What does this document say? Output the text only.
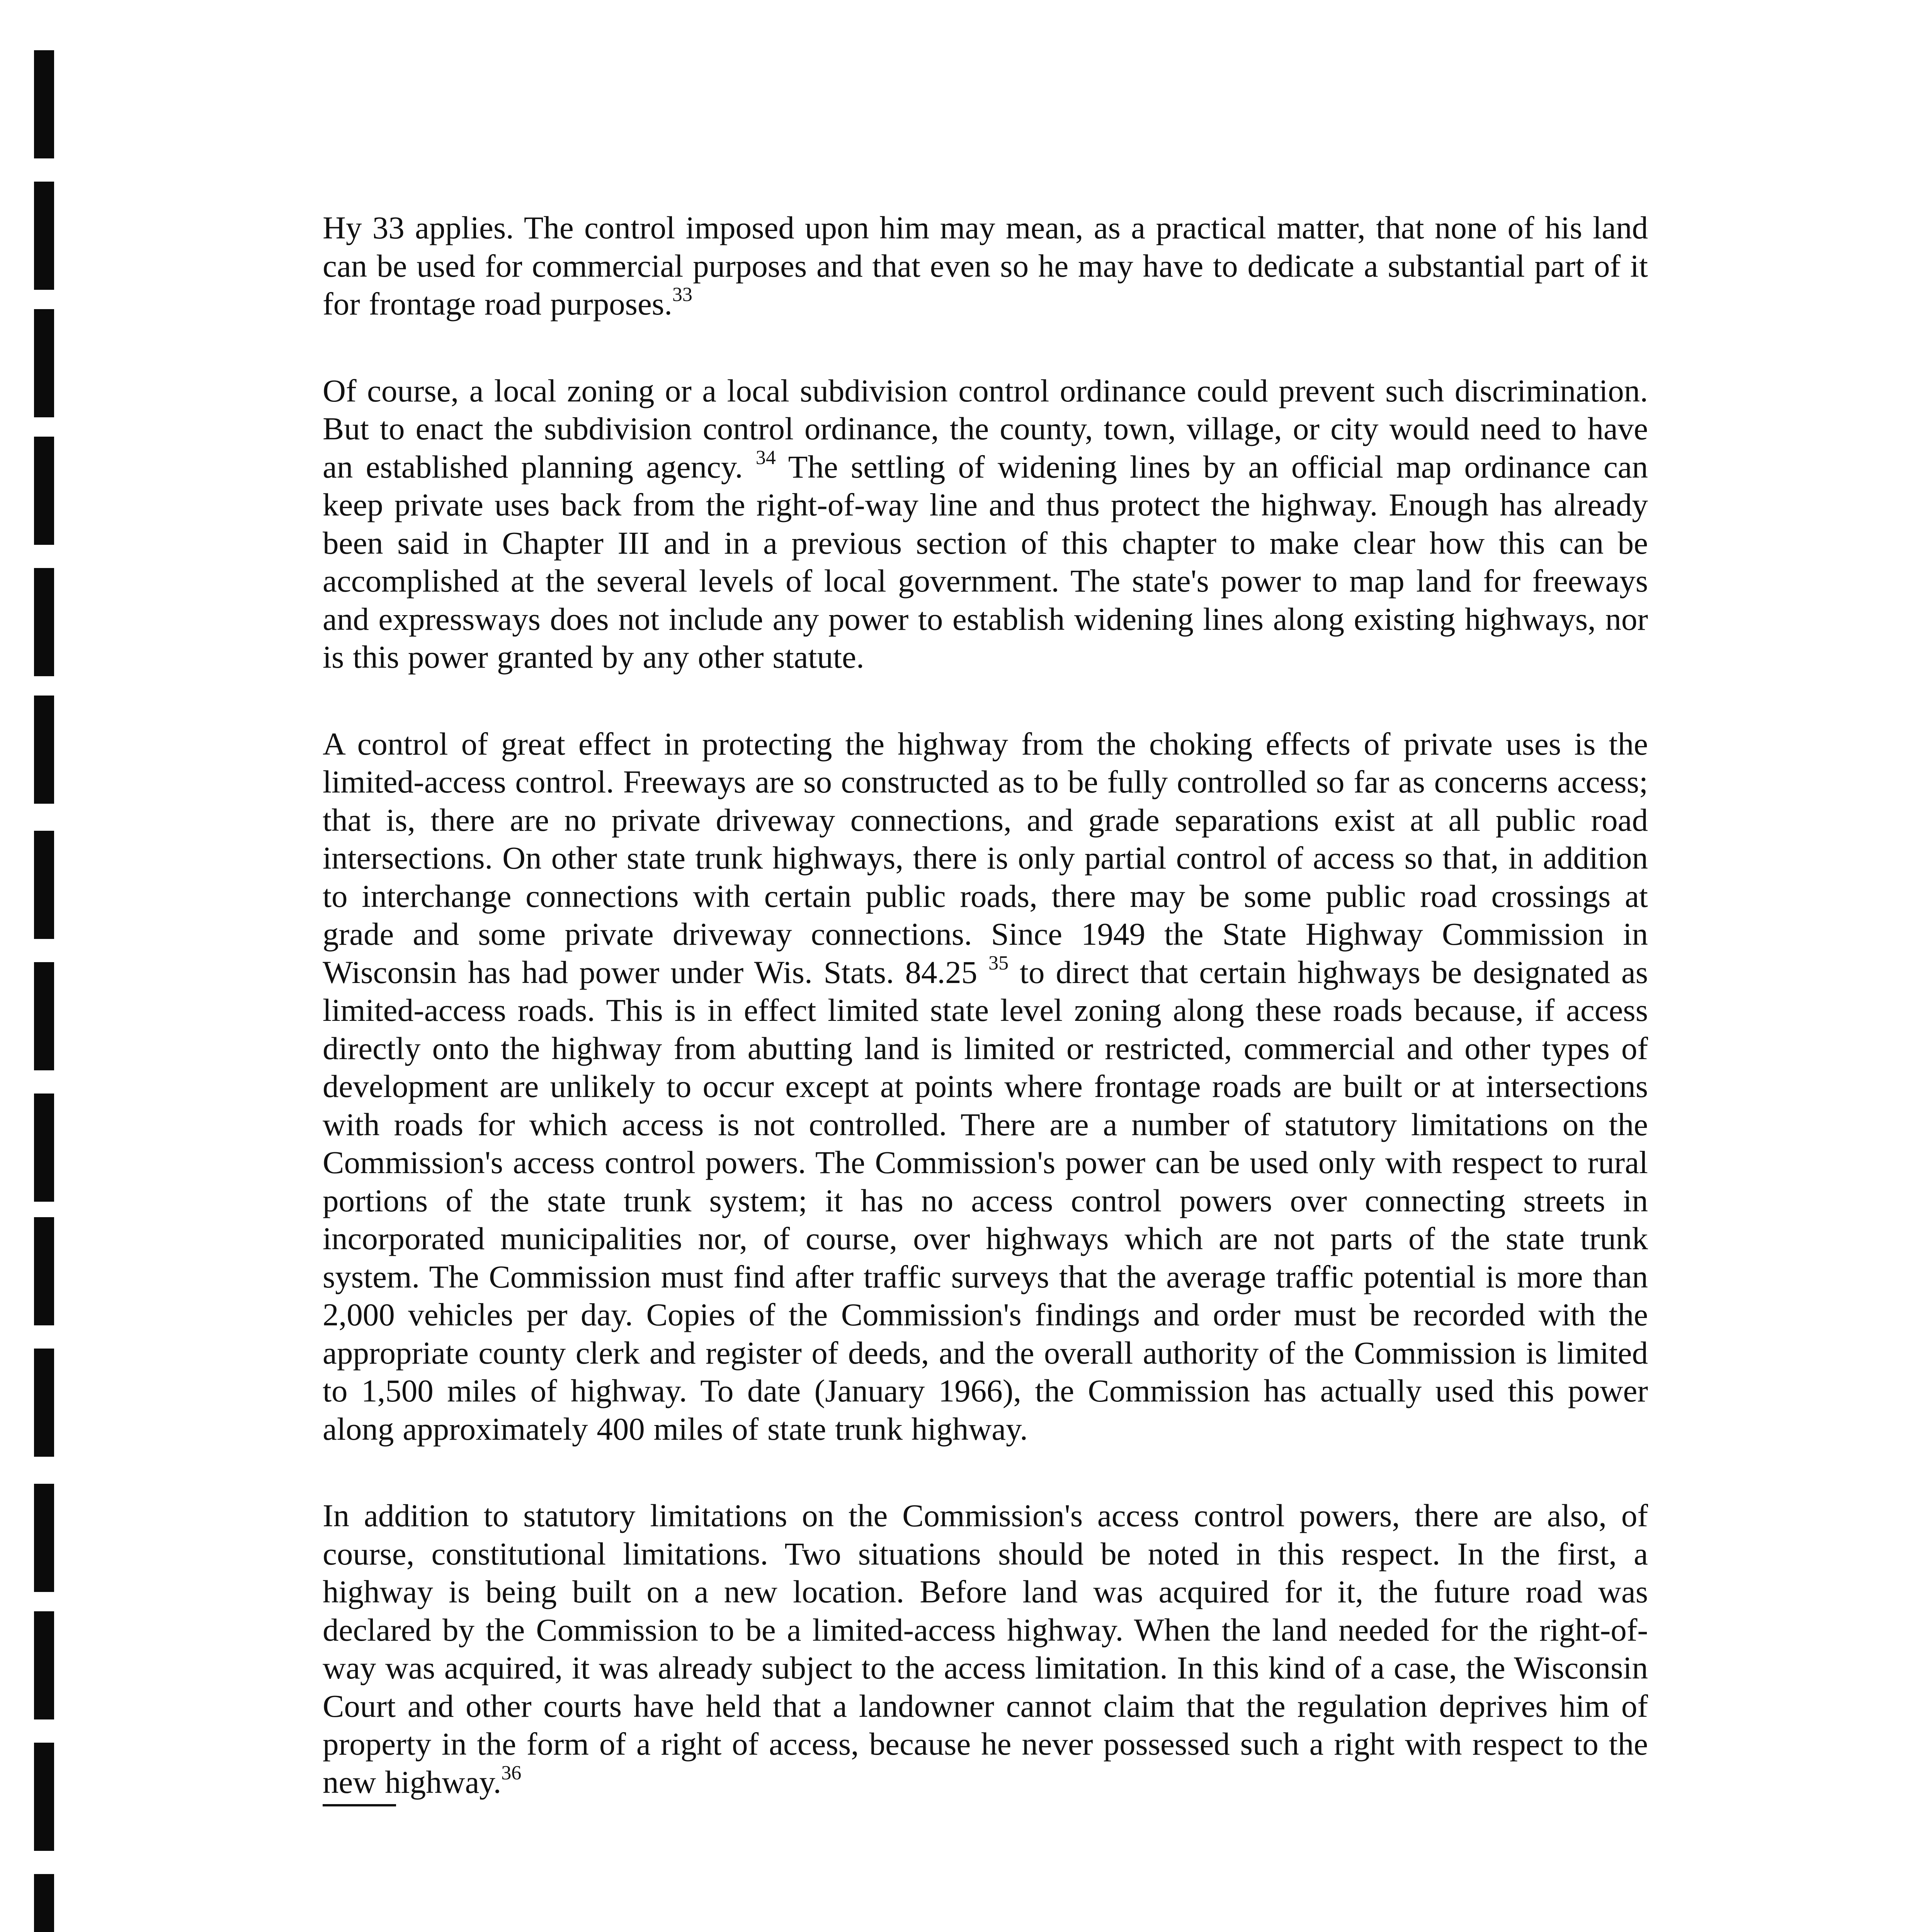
Hy 33 applies. The control imposed upon him may mean, as a practical matter, that none of his land can be used for commercial purposes and that even so he may have to dedicate a substantial part of it for frontage road purposes.$^{33}$

Of course, a local zoning or a local subdivision control ordinance could prevent such discrimination. But to enact the subdivision control ordinance, the county, town, village, or city would need to have an established planning agency. $^{34}$ The settling of widening lines by an official map ordinance can keep private uses back from the right-of-way line and thus protect the highway. Enough has already been said in Chapter III and in a previous section of this chapter to make clear how this can be accomplished at the several levels of local government. The state's power to map land for freeways and expressways does not include any power to establish widening lines along existing highways, nor is this power granted by any other statute.

A control of great effect in protecting the highway from the choking effects of private uses is the limited-access control. Freeways are so constructed as to be fully controlled so far as concerns access; that is, there are no private driveway connections, and grade separations exist at all public road intersections. On other state trunk highways, there is only partial control of access so that, in addition to interchange connections with certain public roads, there may be some public road crossings at grade and some private driveway connections. Since 1949 the State Highway Commission in Wisconsin has had power under Wis. Stats. 84.25 $^{35}$ to direct that certain highways be designated as limited-access roads. This is in effect limited state level zoning along these roads because, if access directly onto the highway from abutting land is limited or restricted, commercial and other types of development are unlikely to occur except at points where frontage roads are built or at intersections with roads for which access is not controlled. There are a number of statutory limitations on the Commission's access control powers. The Commission's power can be used only with respect to rural portions of the state trunk system; it has no access control powers over connecting streets in incorporated municipalities nor, of course, over highways which are not parts of the state trunk system. The Commission must find after traffic surveys that the average traffic potential is more than 2,000 vehicles per day. Copies of the Commission's findings and order must be recorded with the appropriate county clerk and register of deeds, and the overall authority of the Commission is limited to 1,500 miles of highway. To date (January 1966), the Commission has actually used this power along approximately 400 miles of state trunk highway.

In addition to statutory limitations on the Commission's access control powers, there are also, of course, constitutional limitations. Two situations should be noted in this respect. In the first, a highway is being built on a new location. Before land was acquired for it, the future road was declared by the Commission to be a limited-access highway. When the land needed for the right-of-way was acquired, it was already subject to the access limitation. In this kind of a case, the Wisconsin Court and other courts have held that a landowner cannot claim that the regulation deprives him of property in the form of a right of access, because he never possessed such a right with respect to the new highway.$^{36}$
